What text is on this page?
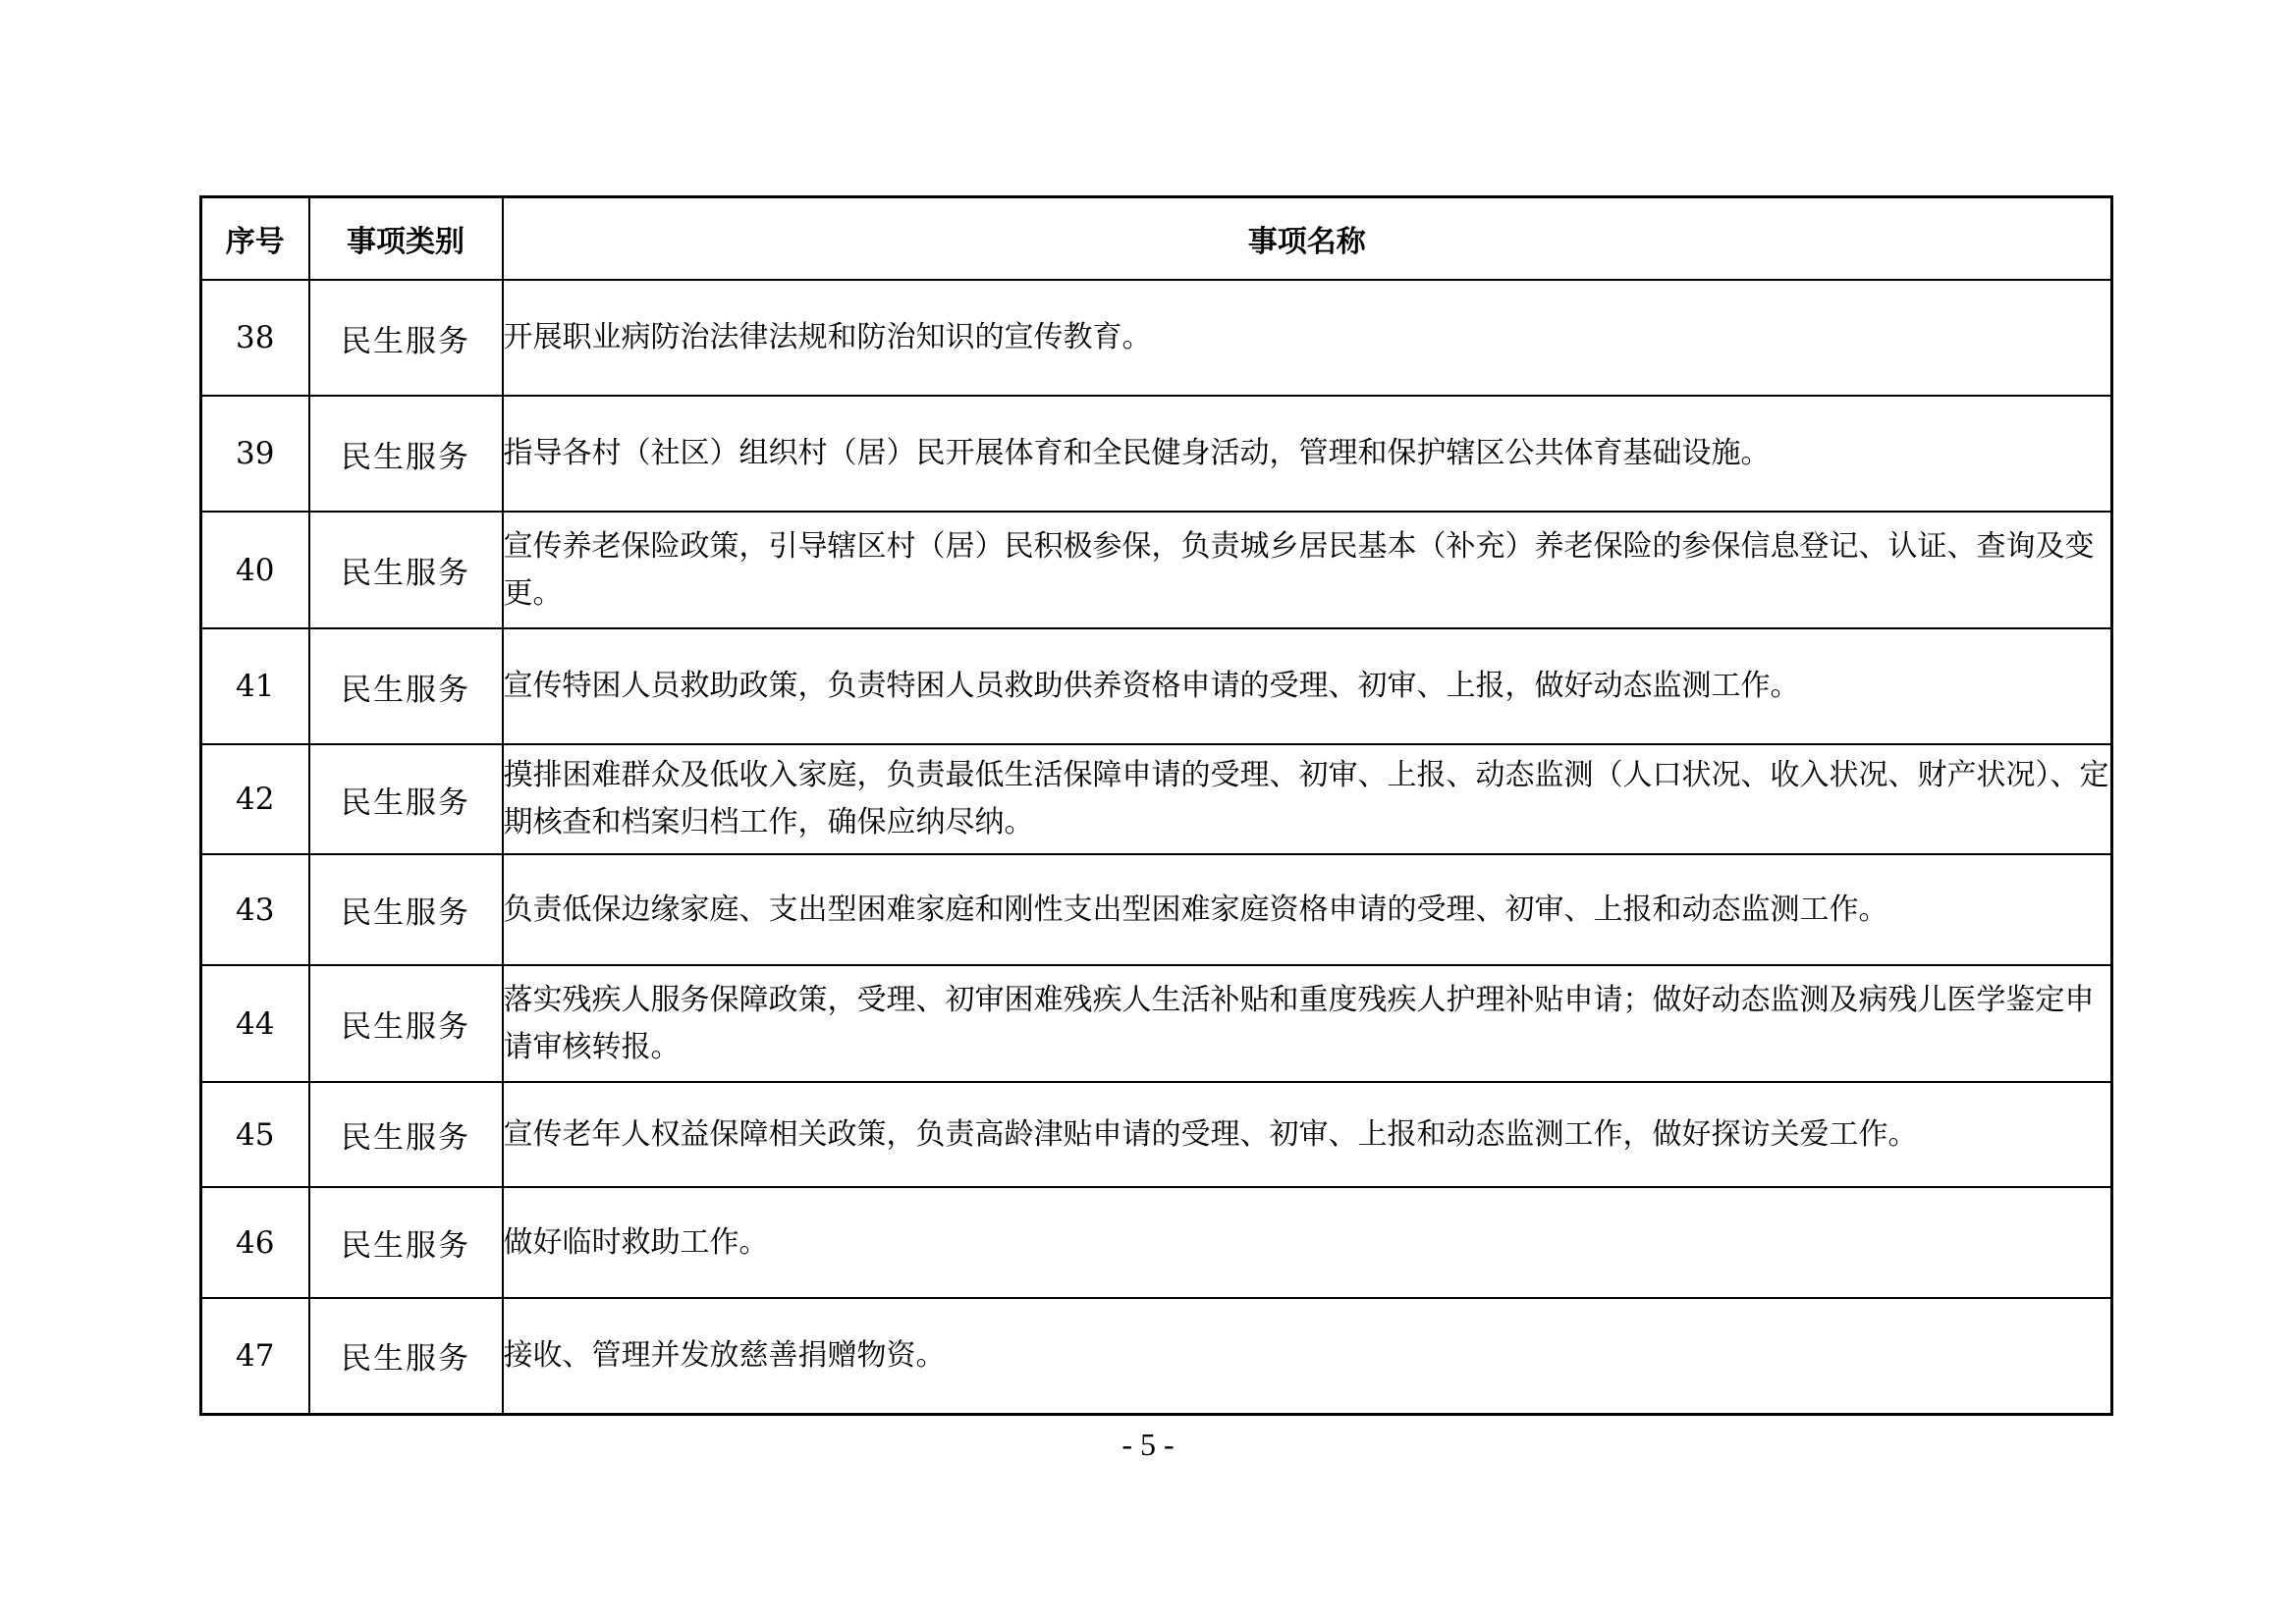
序号	事项类别	事项名称
38	民生服务	开展职业病防治法律法规和防治知识的宣传教育。
39	民生服务	指导各村（社区）组织村（居）民开展体育和全民健身活动，管理和保护辖区公共体育基础设施。
40	民生服务	宣传养老保险政策，引导辖区村（居）民积极参保，负责城乡居民基本（补充）养老保险的参保信息登记、认证、查询及变更。
41	民生服务	宣传特困人员救助政策，负责特困人员救助供养资格申请的受理、初审、上报，做好动态监测工作。
42	民生服务	摸排困难群众及低收入家庭，负责最低生活保障申请的受理、初审、上报、动态监测（人口状况、收入状况、财产状况）、定期核查和档案归档工作，确保应纳尽纳。
43	民生服务	负责低保边缘家庭、支出型困难家庭和刚性支出型困难家庭资格申请的受理、初审、上报和动态监测工作。
44	民生服务	落实残疾人服务保障政策，受理、初审困难残疾人生活补贴和重度残疾人护理补贴申请；做好动态监测及病残儿医学鉴定申请审核转报。
45	民生服务	宣传老年人权益保障相关政策，负责高龄津贴申请的受理、初审、上报和动态监测工作，做好探访关爱工作。
46	民生服务	做好临时救助工作。
47	民生服务	接收、管理并发放慈善捐赠物资。
- 5 -
